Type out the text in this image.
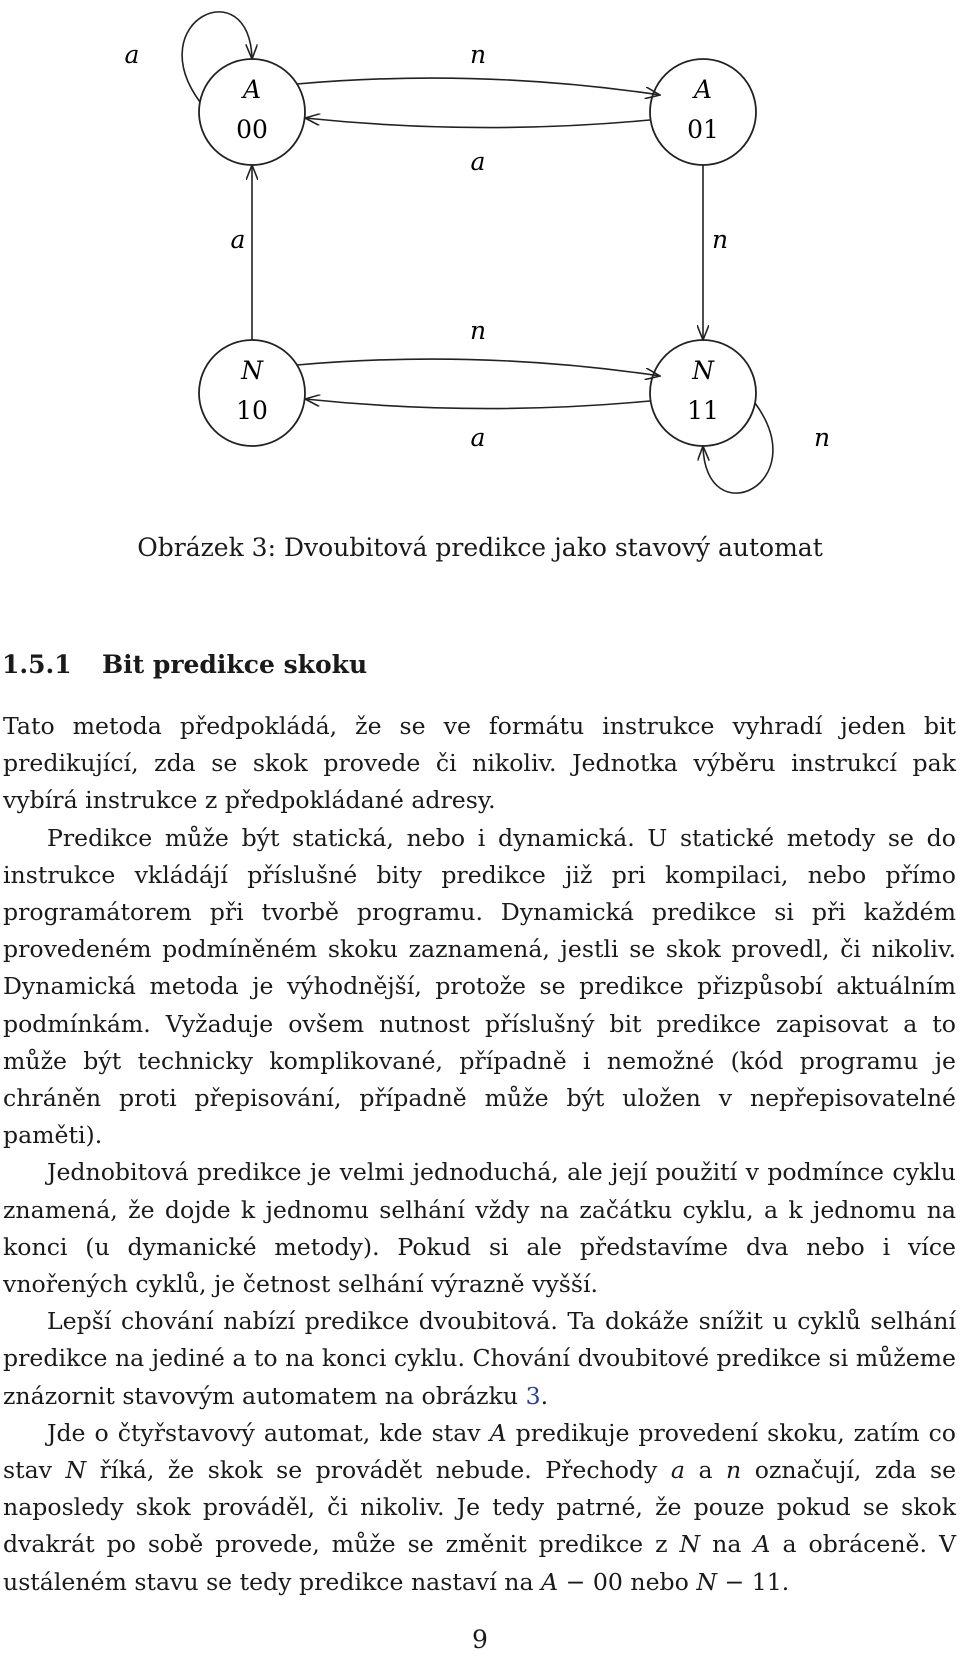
A
00
A
01
N
10
N
11
a	n
a
a	n
n
a	n
Obrázek 3: Dvoubitová predikce jako stavový automat
1.5.1 Bit predikce skoku

Tato metoda předpokládá, že se ve formátu instrukce vyhradí jeden bit predikující, zda se skok provede či nikoliv. Jednotka výběru instrukcí pak vybírá instrukce z předpokládané adresy.

Predikce může být statická, nebo i dynamická. U statické metody se do instrukce vkládájí příslušné bity predikce již pri kompilaci, nebo přímo programátorem při tvorbě programu. Dynamická predikce si při každém provedeném podmíněném skoku zaznamená, jestli se skok provedl, či nikoliv. Dynamická metoda je výhodnější, protože se predikce přizpůsobí aktuálním podmínkám. Vyžaduje ovšem nutnost příslušný bit predikce zapisovat a to může být technicky komplikované, případně i nemožné (kód programu je chráněn proti přepisování, případně může být uložen v nepřepisovatelné paměti).

Jednobitová predikce je velmi jednoduchá, ale její použití v podmínce cyklu znamená, že dojde k jednomu selhání vždy na začátku cyklu, a k jednomu na konci (u dymanické metody). Pokud si ale představíme dva nebo i více vnořených cyklů, je četnost selhání výrazně vyšší.

Lepší chování nabízí predikce dvoubitová. Ta dokáže snížit u cyklů selhání predikce na jediné a to na konci cyklu. Chování dvoubitové predikce si můžeme znázornit stavovým automatem na obrázku 3.

Jde o čtyřstavový automat, kde stav A predikuje provedení skoku, zatím co stav N říká, že skok se provádět nebude. Přechody a a n označují, zda se naposledy skok prováděl, či nikoliv. Je tedy patrné, že pouze pokud se skok dvakrát po sobě provede, může se změnit predikce z N na A a obráceně. V ustáleném stavu se tedy predikce nastaví na A − 00 nebo N − 11.

9
